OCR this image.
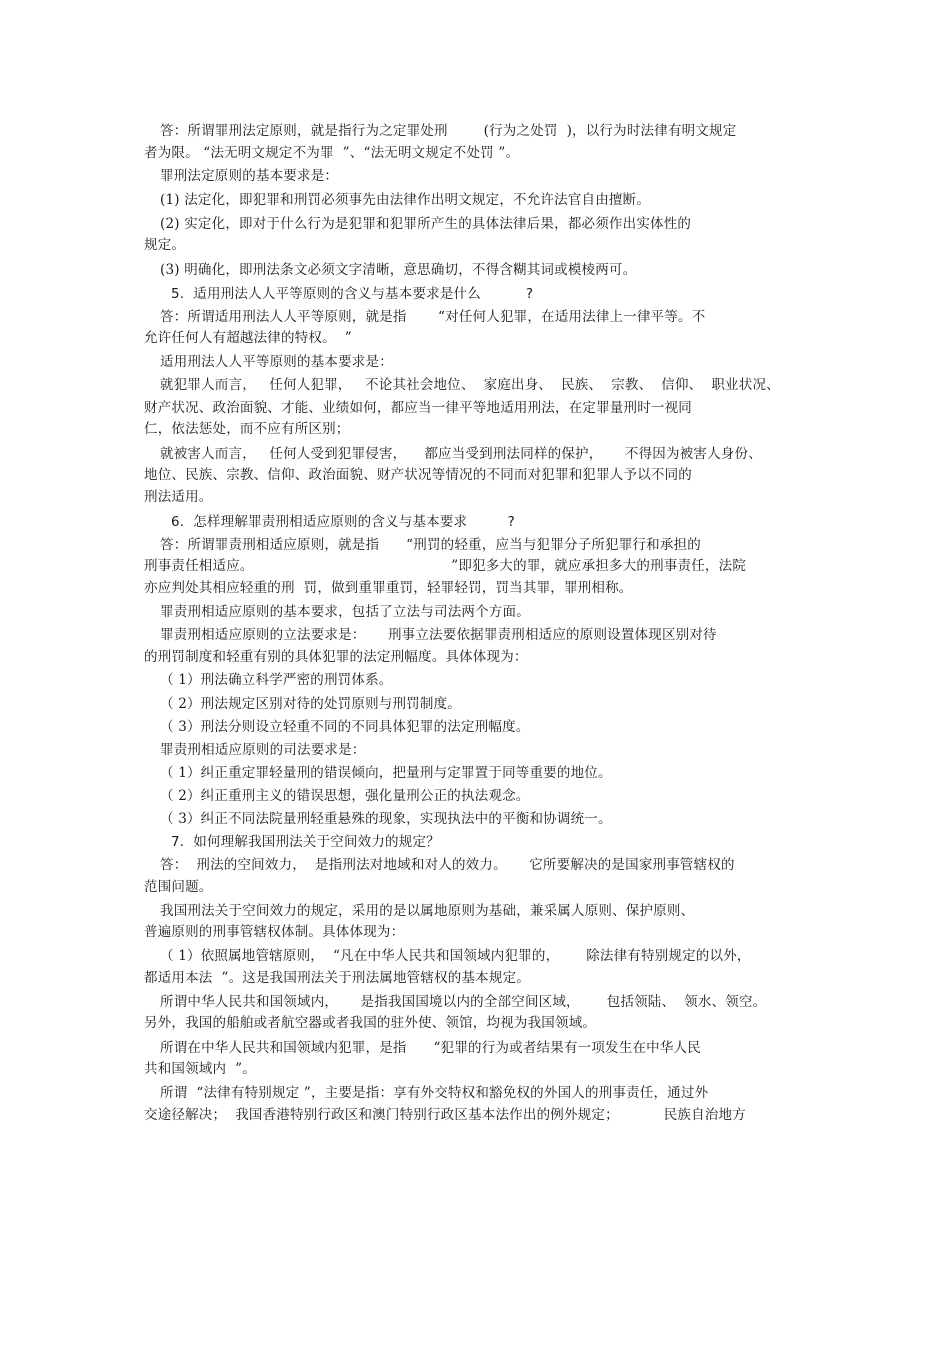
答：所谓罪刑法定原则，就是指行为之定罪处刑        (行为之处罚  )，以行为时法律有明文规定
者为限。 “法无明文规定不为罪  ”、“法无明文规定不处罚 ”。
罪刑法定原则的基本要求是：
(1) 法定化，即犯罪和刑罚必须事先由法律作出明文规定，不允许法官自由擅断。
(2) 实定化，即对于什么行为是犯罪和犯罪所产生的具体法律后果，都必须作出实体性的
规定。
(3) 明确化，即刑法条文必须文字清晰，意思确切，不得含糊其词或模棱两可。
5.  适用刑法人人平等原则的含义与基本要求是什么          ?
答：所谓适用刑法人人平等原则，就是指       “对任何人犯罪，在适用法律上一律平等。不
允许任何人有超越法律的特权。  ”
适用刑法人人平等原则的基本要求是：
就犯罪人而言，   任何人犯罪，   不论其社会地位、  家庭出身、  民族、  宗教、  信仰、  职业状况、
财产状况、政治面貌、才能、业绩如何，都应当一律平等地适用刑法，在定罪量刑时一视同
仁，依法惩处，而不应有所区别；
就被害人而言，   任何人受到犯罪侵害，    都应当受到刑法同样的保护，     不得因为被害人身份、
地位、民族、宗教、信仰、政治面貌、财产状况等情况的不同而对犯罪和犯罪人予以不同的
刑法适用。
6.  怎样理解罪责刑相适应原则的含义与基本要求         ?
答：所谓罪责刑相适应原则，就是指      “刑罚的轻重，应当与犯罪分子所犯罪行和承担的
刑事责任相适应。                                            ”即犯多大的罪，就应承担多大的刑事责任，法院
亦应判处其相应轻重的刑  罚，做到重罪重罚，轻罪轻罚，罚当其罪，罪刑相称。
罪责刑相适应原则的基本要求，包括了立法与司法两个方面。
罪责刑相适应原则的立法要求是：     刑事立法要依据罪责刑相适应的原则设置体现区别对待
的刑罚制度和轻重有别的具体犯罪的法定刑幅度。具体体现为：
（ 1）刑法确立科学严密的刑罚体系。
（ 2）刑法规定区别对待的处罚原则与刑罚制度。
（ 3）刑法分则设立轻重不同的不同具体犯罪的法定刑幅度。
罪责刑相适应原则的司法要求是：
（ 1）纠正重定罪轻量刑的错误倾向，把量刑与定罪置于同等重要的地位。
（ 2）纠正重刑主义的错误思想，强化量刑公正的执法观念。
（ 3）纠正不同法院量刑轻重悬殊的现象，实现执法中的平衡和协调统一。
7.  如何理解我国刑法关于空间效力的规定？
答：  刑法的空间效力，  是指刑法对地域和对人的效力。     它所要解决的是国家刑事管辖权的
范围问题。
我国刑法关于空间效力的规定，采用的是以属地原则为基础，兼采属人原则、保护原则、
普遍原则的刑事管辖权体制。具体体现为：
（ 1）依照属地管辖原则，  “凡在中华人民共和国领域内犯罪的，      除法律有特别规定的以外，
都适用本法  ”。这是我国刑法关于刑法属地管辖权的基本规定。
所谓中华人民共和国领域内，     是指我国国境以内的全部空间区域，      包括领陆、  领水、领空。
另外，我国的船舶或者航空器或者我国的驻外使、领馆，均视为我国领域。
所谓在中华人民共和国领域内犯罪，是指      “犯罪的行为或者结果有一项发生在中华人民
共和国领域内  ”。
所谓  “法律有特别规定 ”，主要是指：享有外交特权和豁免权的外国人的刑事责任，通过外
交途径解决；  我国香港特别行政区和澳门特别行政区基本法作出的例外规定；          民族自治地方
